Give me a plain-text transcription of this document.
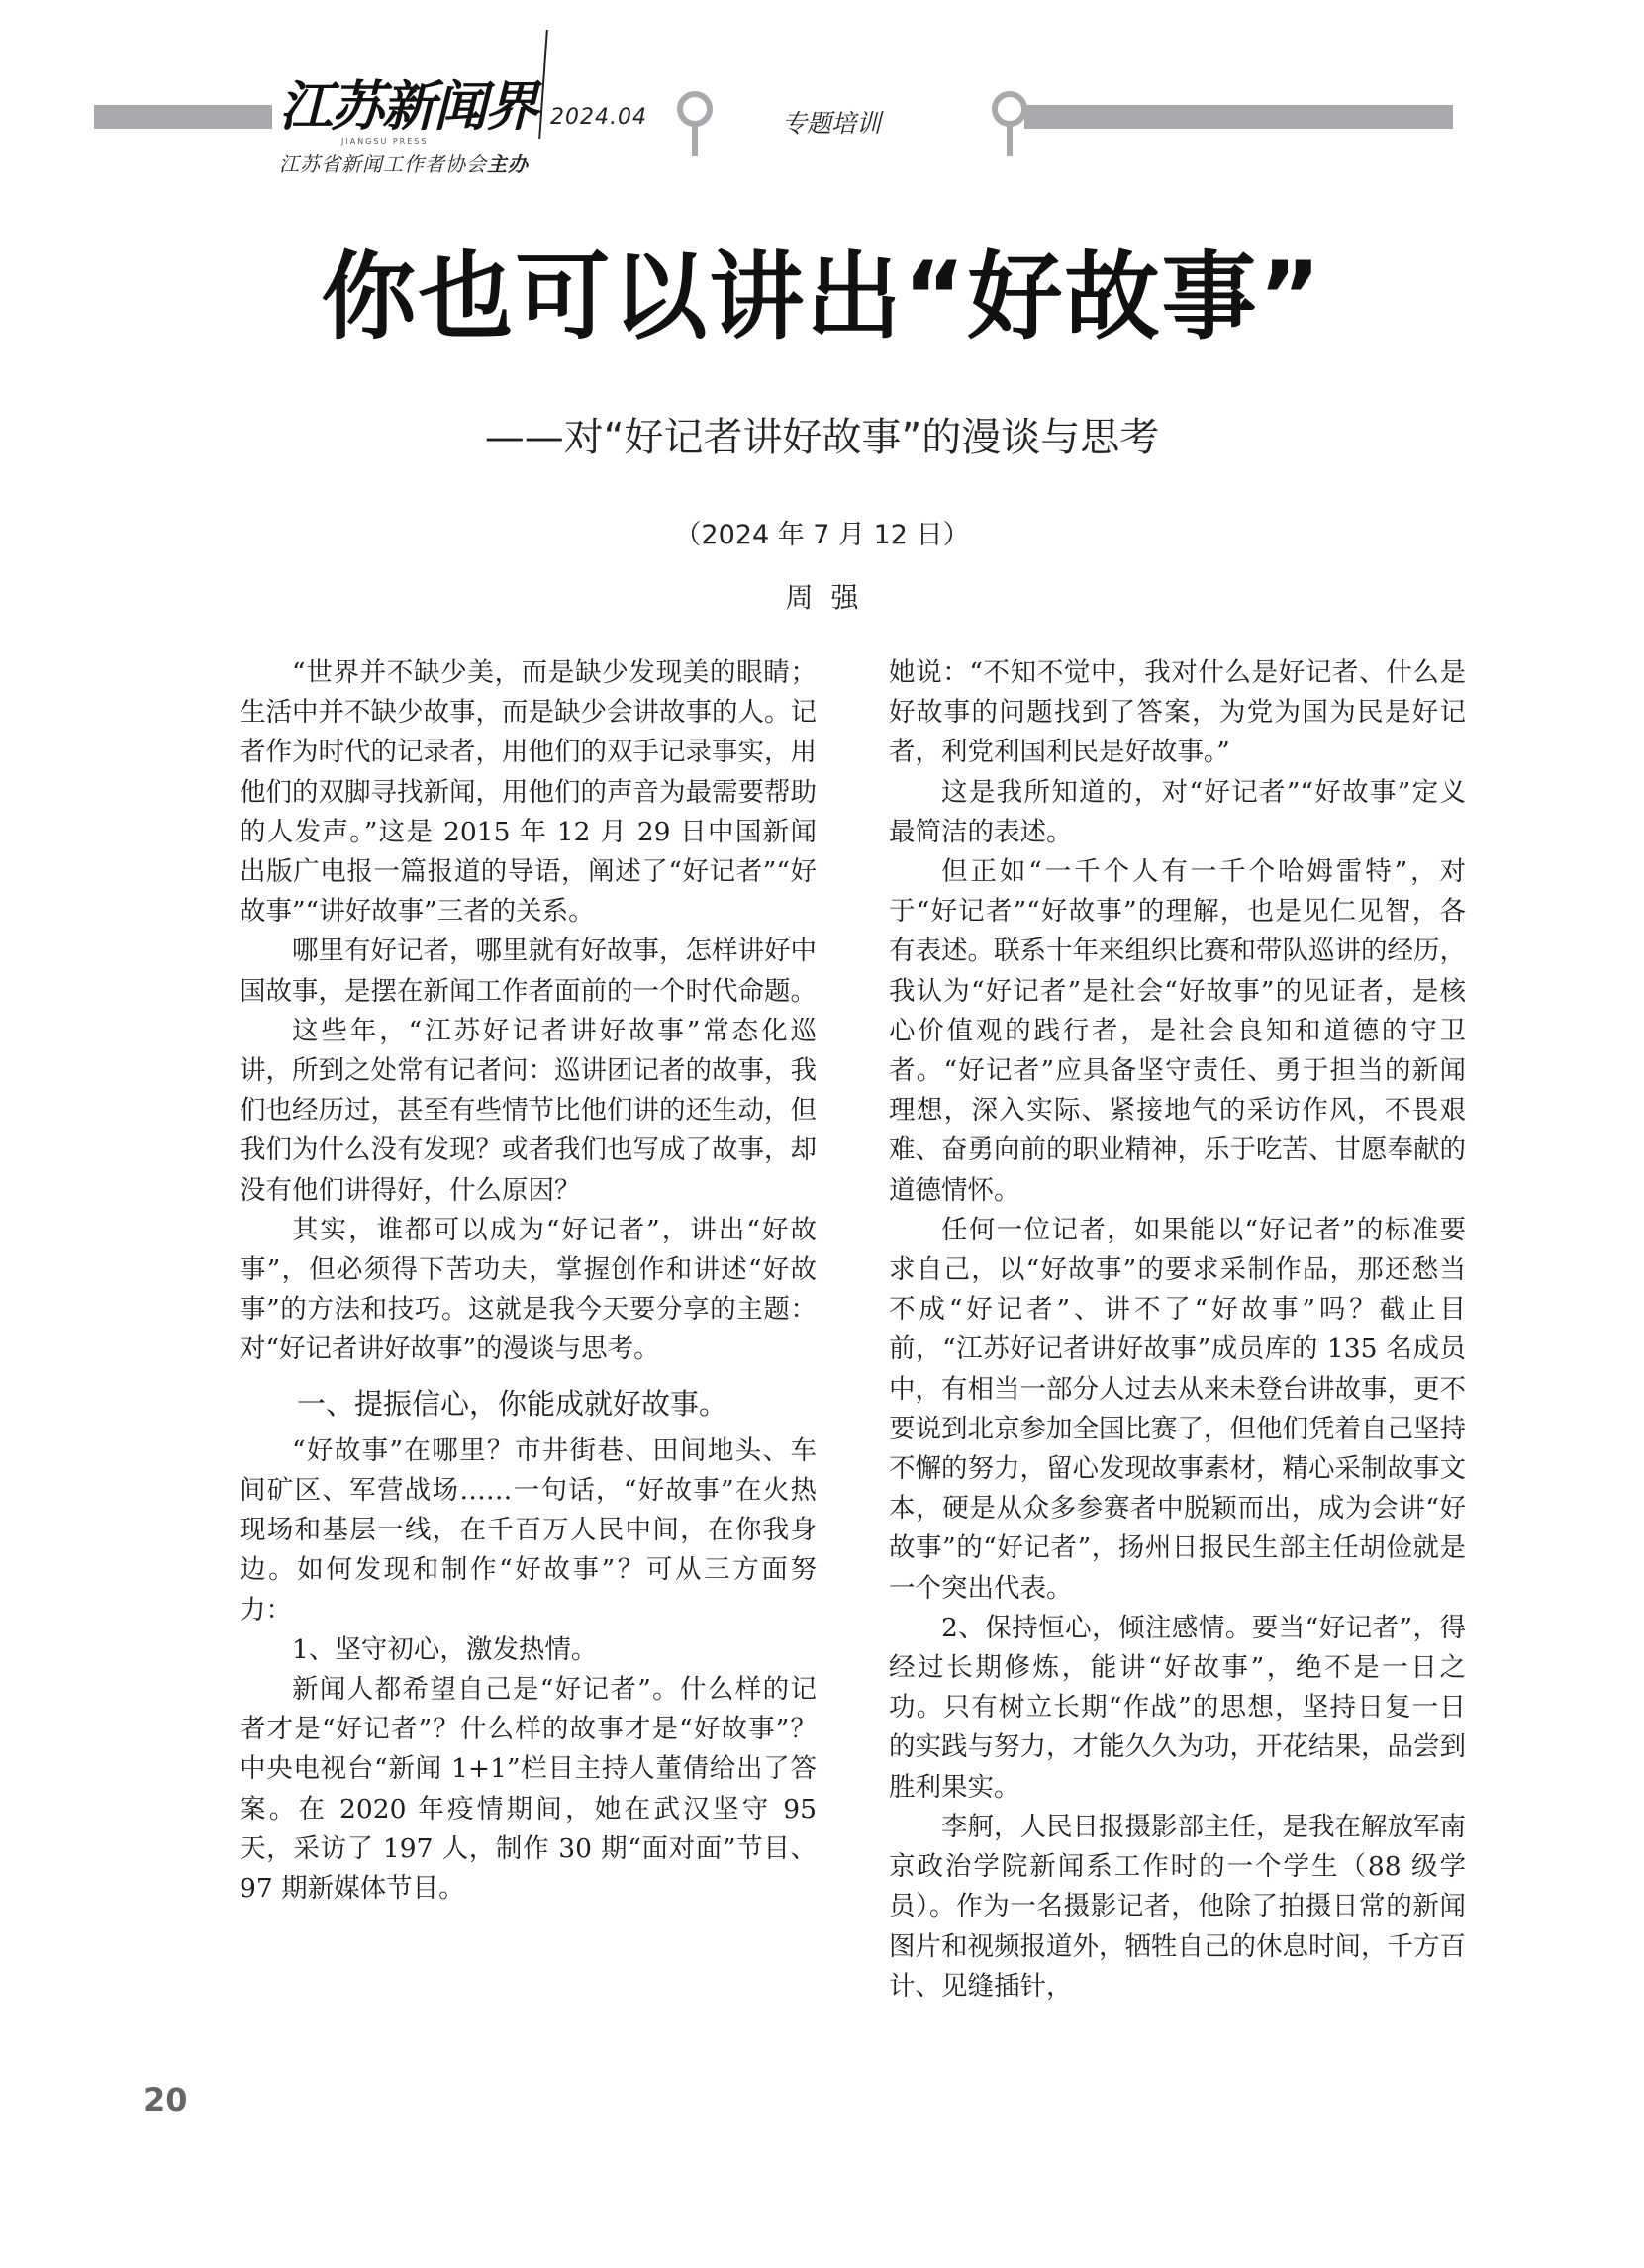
江苏新闻界
JIANGSU PRESS
2024.04
江苏省新闻工作者协会主办
专题培训
你也可以讲出“好故事”
——对“好记者讲好故事”的漫谈与思考
（2024 年 7 月 12 日）
周强

“世界并不缺少美，而是缺少发现美的眼睛；生活中并不缺少故事，而是缺少会讲故事的人。记者作为时代的记录者，用他们的双手记录事实，用他们的双脚寻找新闻，用他们的声音为最需要帮助的人发声。”这是 2015 年 12 月 29 日中国新闻出版广电报一篇报道的导语，阐述了“好记者”“好故事”“讲好故事”三者的关系。

哪里有好记者，哪里就有好故事，怎样讲好中国故事，是摆在新闻工作者面前的一个时代命题。

这些年，“江苏好记者讲好故事”常态化巡讲，所到之处常有记者问：巡讲团记者的故事，我们也经历过，甚至有些情节比他们讲的还生动，但我们为什么没有发现？或者我们也写成了故事，却没有他们讲得好，什么原因？

其实，谁都可以成为“好记者”，讲出“好故事”，但必须得下苦功夫，掌握创作和讲述“好故事”的方法和技巧。这就是我今天要分享的主题：对“好记者讲好故事”的漫谈与思考。

一、提振信心，你能成就好故事。

“好故事”在哪里？市井街巷、田间地头、车间矿区、军营战场……一句话，“好故事”在火热现场和基层一线，在千百万人民中间，在你我身边。如何发现和制作“好故事”？可从三方面努力：

1、坚守初心，激发热情。

新闻人都希望自己是“好记者”。什么样的记者才是“好记者”？什么样的故事才是“好故事”？中央电视台“新闻 1+1”栏目主持人董倩给出了答案。在 2020 年疫情期间，她在武汉坚守 95 天，采访了 197 人，制作 30 期“面对面”节目、97 期新媒体节目。

她说：“不知不觉中，我对什么是好记者、什么是好故事的问题找到了答案，为党为国为民是好记者，利党利国利民是好故事。”

这是我所知道的，对“好记者”“好故事”定义最简洁的表述。

但正如“一千个人有一千个哈姆雷特”，对于“好记者”“好故事”的理解，也是见仁见智，各有表述。联系十年来组织比赛和带队巡讲的经历，我认为“好记者”是社会“好故事”的见证者，是核心价值观的践行者，是社会良知和道德的守卫者。“好记者”应具备坚守责任、勇于担当的新闻理想，深入实际、紧接地气的采访作风，不畏艰难、奋勇向前的职业精神，乐于吃苦、甘愿奉献的道德情怀。

任何一位记者，如果能以“好记者”的标准要求自己，以“好故事”的要求采制作品，那还愁当不成“好记者”、讲不了“好故事”吗？截止目前，“江苏好记者讲好故事”成员库的 135 名成员中，有相当一部分人过去从来未登台讲故事，更不要说到北京参加全国比赛了，但他们凭着自己坚持不懈的努力，留心发现故事素材，精心采制故事文本，硬是从众多参赛者中脱颖而出，成为会讲“好故事”的“好记者”，扬州日报民生部主任胡俭就是一个突出代表。

2、保持恒心，倾注感情。要当“好记者”，得经过长期修炼，能讲“好故事”，绝不是一日之功。只有树立长期“作战”的思想，坚持日复一日的实践与努力，才能久久为功，开花结果，品尝到胜利果实。

李舸，人民日报摄影部主任，是我在解放军南京政治学院新闻系工作时的一个学生（88 级学员）。作为一名摄影记者，他除了拍摄日常的新闻图片和视频报道外，牺牲自己的休息时间，千方百计、见缝插针，

20
